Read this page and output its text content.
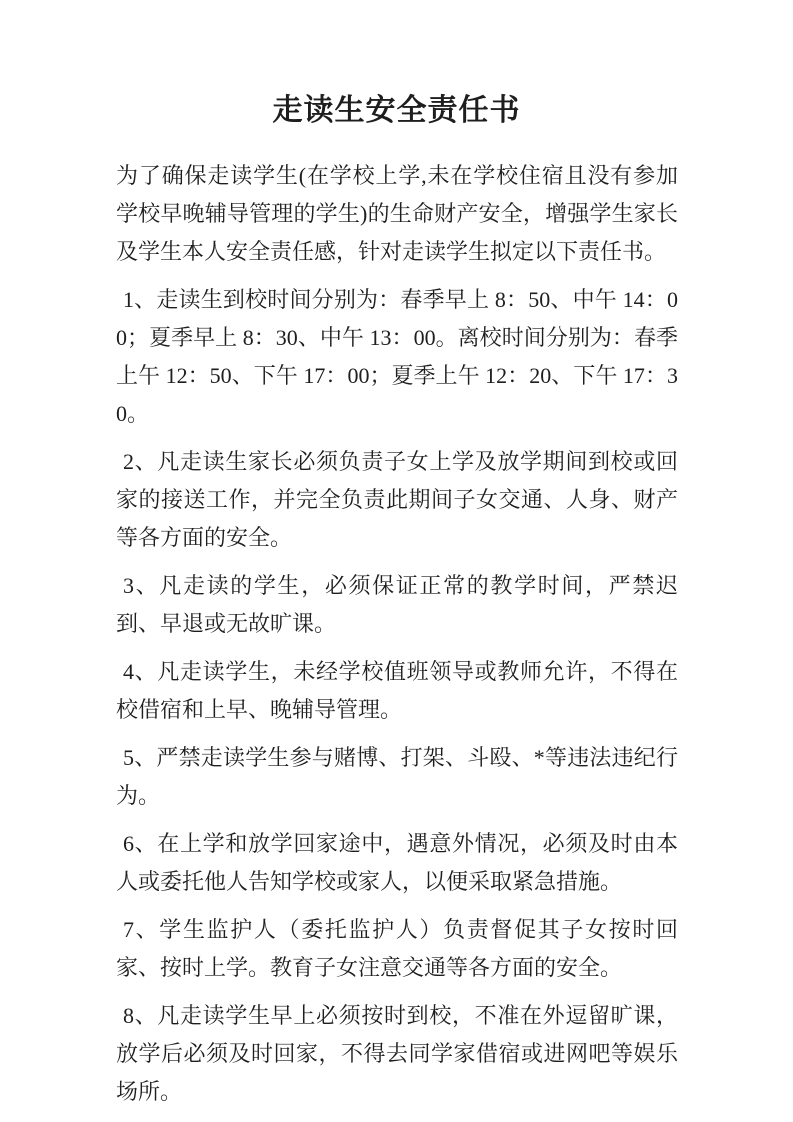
走读生安全责任书

为了确保走读学生(在学校上学,未在学校住宿且没有参加学校早晚辅导管理的学生)的生命财产安全，增强学生家长及学生本人安全责任感，针对走读学生拟定以下责任书。

1、走读生到校时间分别为：春季早上 8：50、中午 14：00；夏季早上 8：30、中午 13：00。离校时间分别为：春季上午 12：50、下午 17：00；夏季上午 12：20、下午 17：30。

2、凡走读生家长必须负责子女上学及放学期间到校或回家的接送工作，并完全负责此期间子女交通、人身、财产等各方面的安全。

3、凡走读的学生，必须保证正常的教学时间，严禁迟到、早退或无故旷课。

4、凡走读学生，未经学校值班领导或教师允许，不得在校借宿和上早、晚辅导管理。

5、严禁走读学生参与赌博、打架、斗殴、*等违法违纪行为。

6、在上学和放学回家途中，遇意外情况，必须及时由本人或委托他人告知学校或家人，以便采取紧急措施。

7、学生监护人（委托监护人）负责督促其子女按时回家、按时上学。教育子女注意交通等各方面的安全。

8、凡走读学生早上必须按时到校，不准在外逗留旷课，放学后必须及时回家，不得去同学家借宿或进网吧等娱乐场所。
